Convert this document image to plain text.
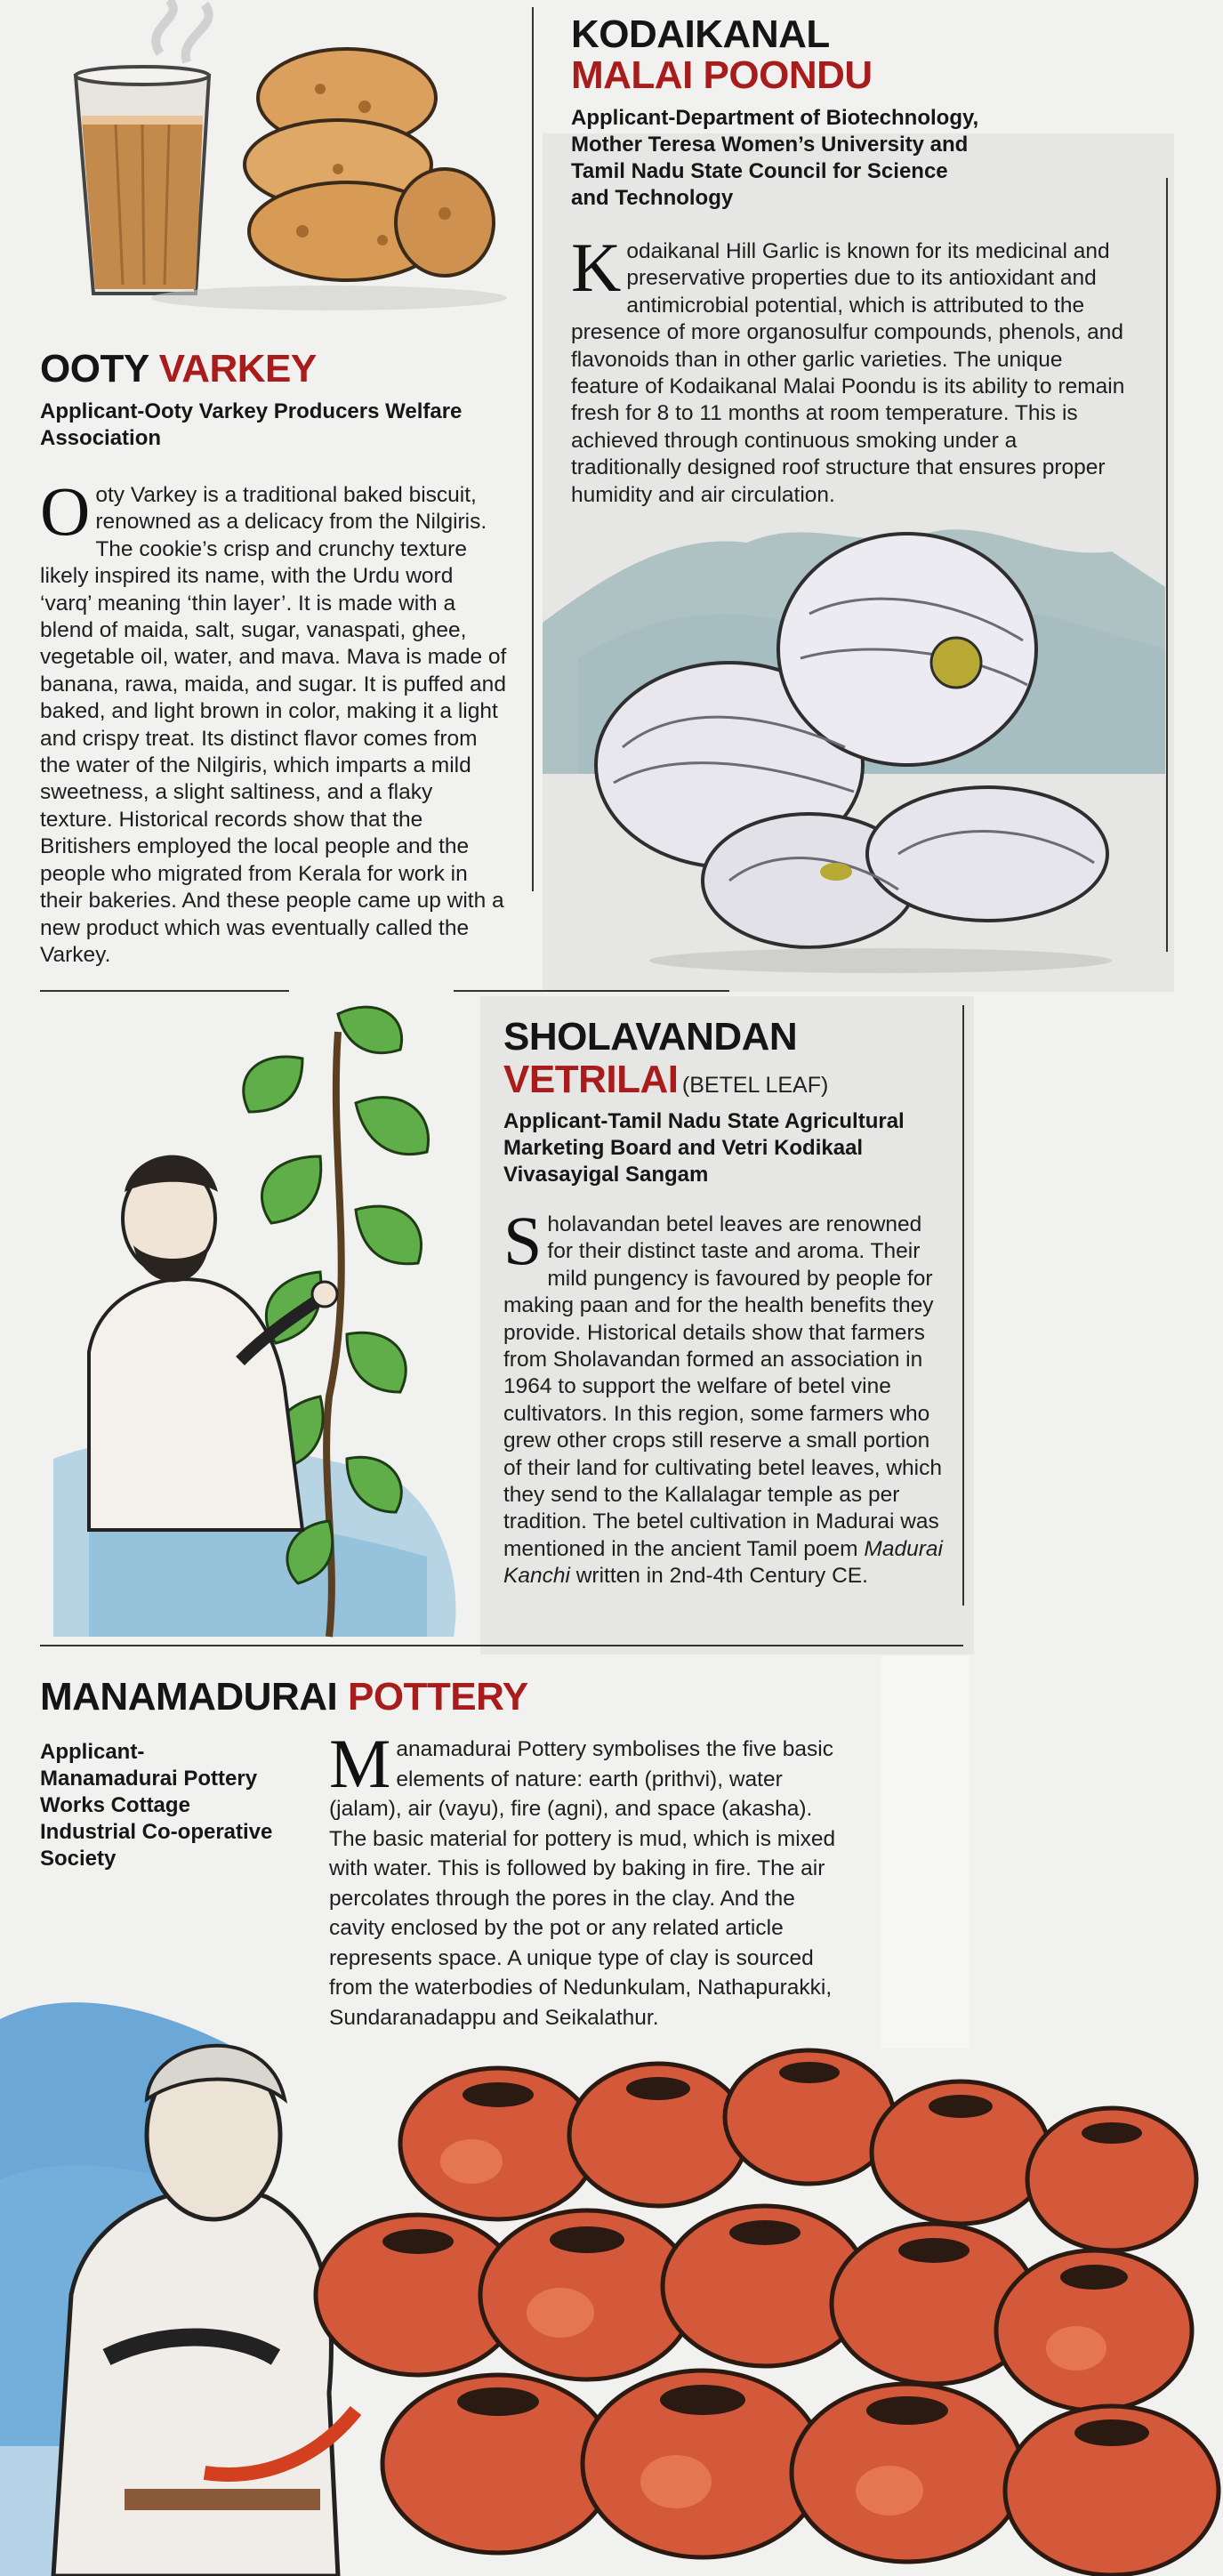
OOTY VARKEY
Applicant-Ooty Varkey Producers Welfare Association
Ooty Varkey is a traditional baked biscuit, renowned as a delicacy from the Nilgiris. The cookie’s crisp and crunchy texture likely inspired its name, with the Urdu word ‘varq’ meaning ‘thin layer’. It is made with a blend of maida, salt, sugar, vanaspati, ghee, vegetable oil, water, and mava. Mava is made of banana, rawa, maida, and sugar. It is puffed and baked, and light brown in color, making it a light and crispy treat. Its distinct flavor comes from the water of the Nilgiris, which imparts a mild sweetness, a slight saltiness, and a flaky texture. Historical records show that the Britishers employed the local people and the people who migrated from Kerala for work in their bakeries. And these people came up with a new product which was eventually called the Varkey.
KODAIKANAL
MALAI POONDU
Applicant-Department of Biotechnology, Mother Teresa Women’s University and Tamil Nadu State Council for Science and Technology
Kodaikanal Hill Garlic is known for its medicinal and preservative properties due to its antioxidant and antimicrobial potential, which is attributed to the presence of more organosulfur compounds, phenols, and flavonoids than in other garlic varieties. The unique feature of Kodaikanal Malai Poondu is its ability to remain fresh for 8 to 11 months at room temperature. This is achieved through continuous smoking under a traditionally designed roof structure that ensures proper humidity and air circulation.
SHOLAVANDAN
VETRILAI (BETEL LEAF)
Applicant-Tamil Nadu State Agricultural Marketing Board and Vetri Kodikaal Vivasayigal Sangam
Sholavandan betel leaves are renowned for their distinct taste and aroma. Their mild pungency is favoured by people for making paan and for the health benefits they provide. Historical details show that farmers from Sholavandan formed an association in 1964 to support the welfare of betel vine cultivators. In this region, some farmers who grew other crops still reserve a small portion of their land for cultivating betel leaves, which they send to the Kallalagar temple as per tradition. The betel cultivation in Madurai was mentioned in the ancient Tamil poem Madurai Kanchi written in 2nd-4th Century CE.
MANAMADURAI POTTERY
Applicant-Manamadurai Pottery Works Cottage Industrial Co-operative Society
Manamadurai Pottery symbolises the five basic elements of nature: earth (prithvi), water (jalam), air (vayu), fire (agni), and space (akasha). The basic material for pottery is mud, which is mixed with water. This is followed by baking in fire. The air percolates through the pores in the clay. And the cavity enclosed by the pot or any related article represents space. A unique type of clay is sourced from the waterbodies of Nedunkulam, Nathapurakki, Sundaranadappu and Seikalathur.
